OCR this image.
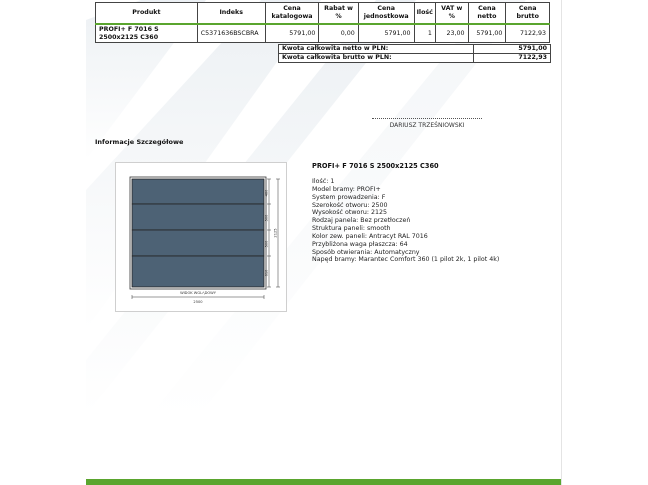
Produkt	Indeks	Cena katalogowa	Rabat w %	Cena jednostkowa	Ilość	VAT w %	Cena netto	Cena brutto
PROFI+ F 7016 S 2500x2125 C360	C5371636BSCBRA	5791,00	0,00	5791,00	1	23,00	5791,00	7122,93
Kwota całkowita netto w PLN:	5791,00
Kwota całkowita brutto w PLN:	7122,93
DARIUSZ TRZEŚNIOWSKI
Informacje Szczegółowe
480
500
500
610
2125
WIDOK WGLĄDOWY
2500
PROFI+ F 7016 S 2500x2125 C360
Ilość: 1
Model bramy: PROFI+
System prowadzenia: F
Szerokość otworu: 2500
Wysokość otworu: 2125
Rodzaj panela: Bez przetłoczeń
Struktura paneli: smooth
Kolor zew. paneli: Antracyt RAL 7016
Przybliżona waga płaszcza: 64
Sposób otwierania: Automatyczny
Napęd bramy: Marantec Comfort 360 (1 pilot 2k, 1 pilot 4k)
